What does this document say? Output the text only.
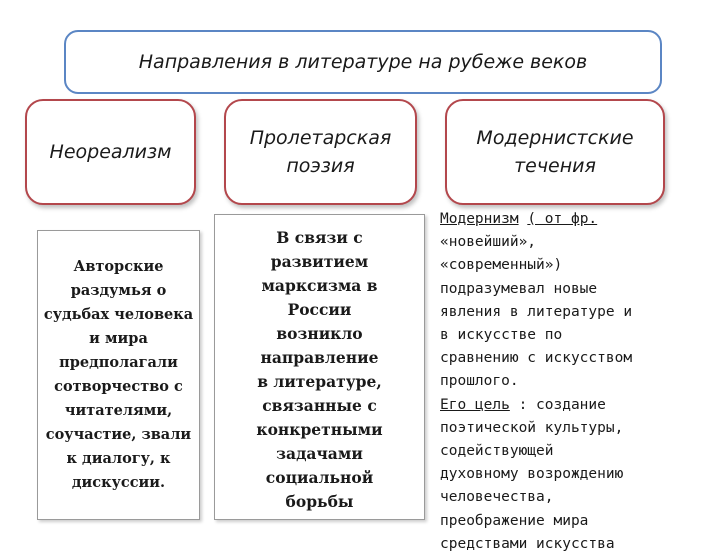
Направления в литературе на рубеже веков
Неореализм
Пролетарская
поэзия
Модернистские
течения
Авторские раздумья о судьбах человека и мира предполагали сотворчество с читателями, соучастие, звали к диалогу, к дискуссии.
В связи с
развитием
марксизма в
России
возникло
направление
в литературе,
связанные с
конкретными
задачами
социальной
борьбы
Модернизм ( от фр.
«новейший»,
«современный»)
подразумевал новые
явления в литературе и
в искусстве по
сравнению с искусством
прошлого.
Его цель : создание
поэтической культуры,
содействующей
духовному возрождению
человечества,
преображение мира
средствами искусства
